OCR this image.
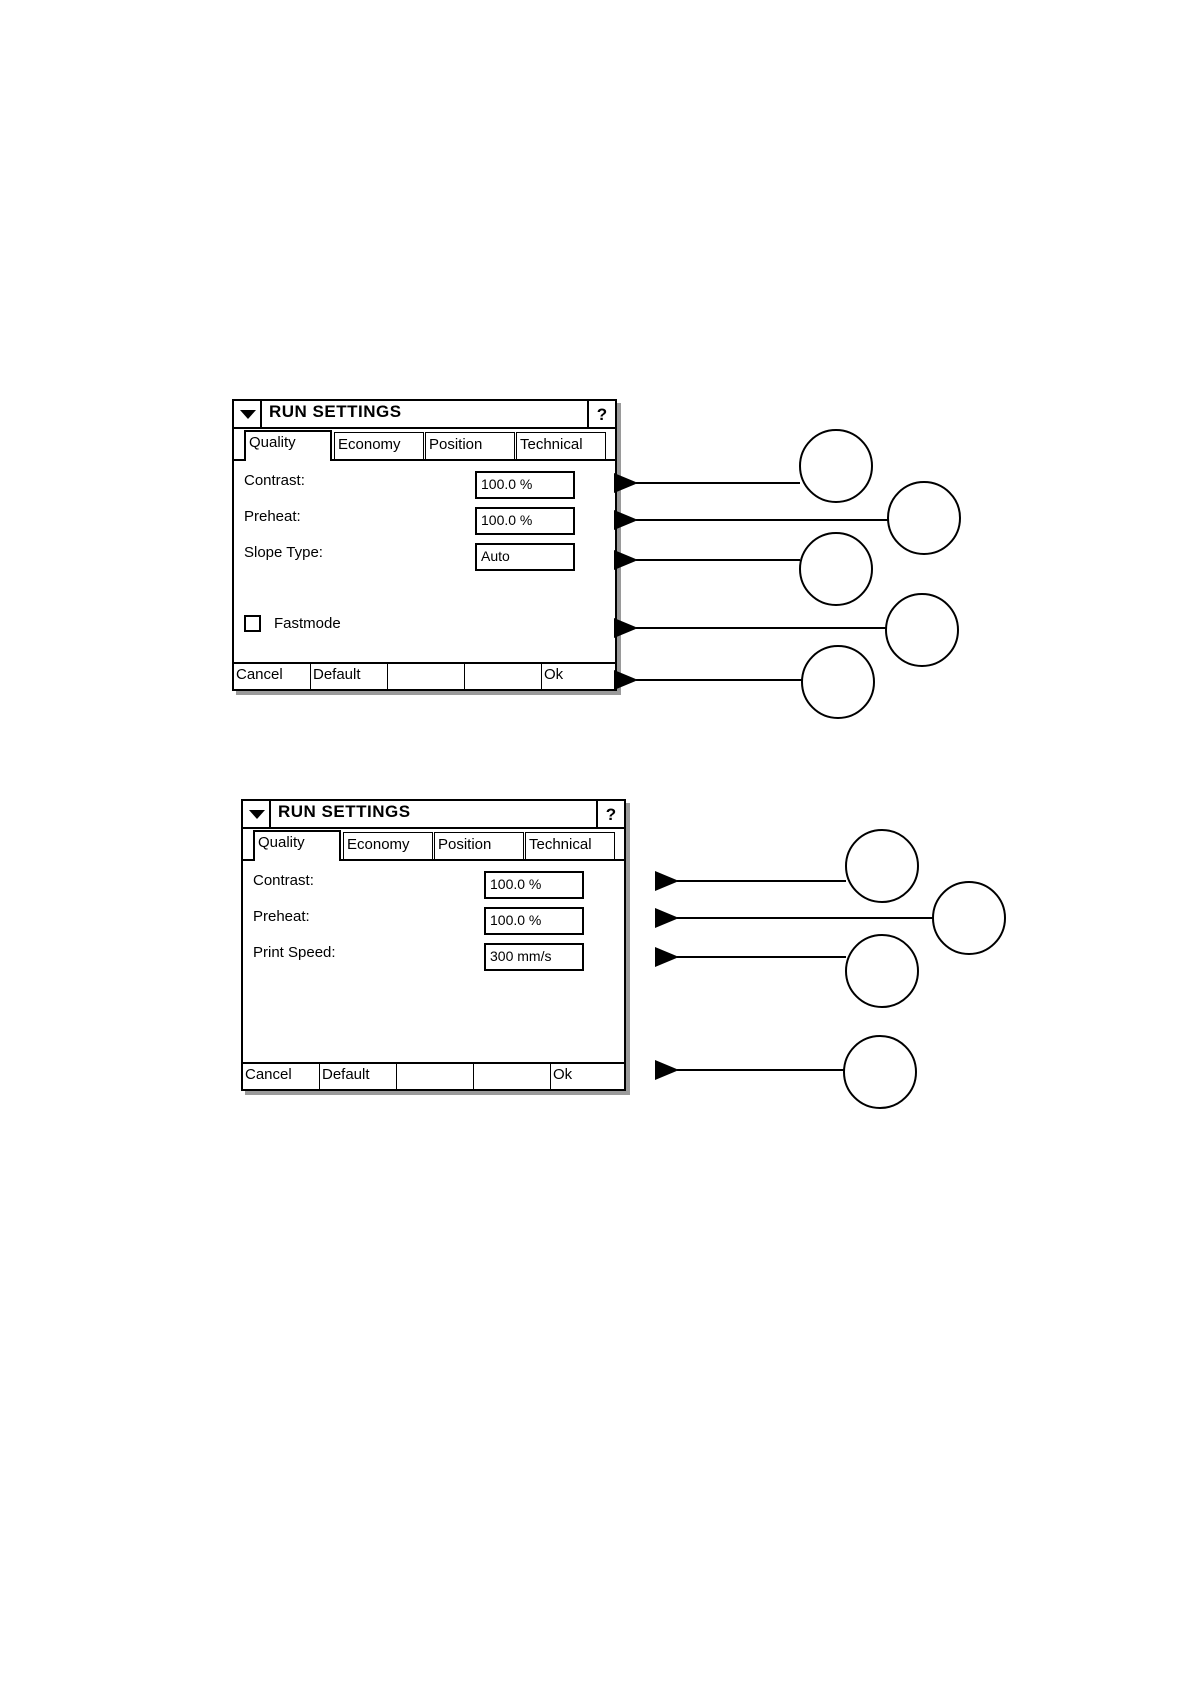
RUN SETTINGS	?
Quality	Economy	Position	Technical
Contrast:	100.0 %
Preheat:	100.0 %
Slope Type:	Auto
Fastmode
Cancel	Default	Ok
RUN SETTINGS	?
Quality	Economy	Position	Technical
Contrast:	100.0 %
Preheat:	100.0 %
Print Speed:	300 mm/s
Cancel	Default	Ok
